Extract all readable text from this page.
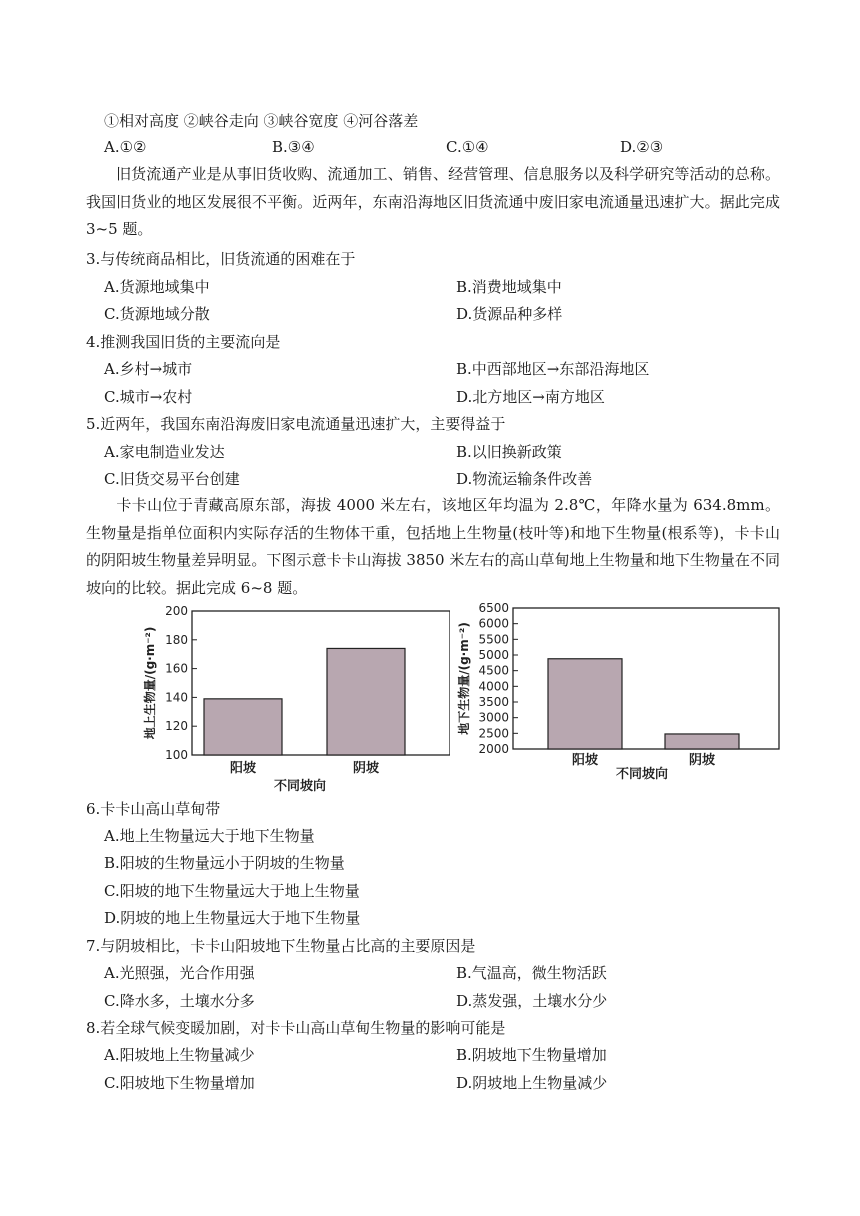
①相对高度 ②峡谷走向 ③峡谷宽度 ④河谷落差
A.①②	B.③④	C.①④	D.②③
旧货流通产业是从事旧货收购、流通加工、销售、经营管理、信息服务以及科学研究等活动的总称。我国旧货业的地区发展很不平衡。近两年，东南沿海地区旧货流通中废旧家电流通量迅速扩大。据此完成 3~5 题。
3.与传统商品相比，旧货流通的困难在于
A.货源地域集中	B.消费地域集中
C.货源地域分散	D.货源品种多样
4.推测我国旧货的主要流向是
A.乡村→城市	B.中西部地区→东部沿海地区
C.城市→农村	D.北方地区→南方地区
5.近两年，我国东南沿海废旧家电流通量迅速扩大，主要得益于
A.家电制造业发达	B.以旧换新政策
C.旧货交易平台创建	D.物流运输条件改善
卡卡山位于青藏高原东部，海拔 4000 米左右，该地区年均温为 2.8℃，年降水量为 634.8mm。生物量是指单位面积内实际存活的生物体干重，包括地上生物量(枝叶等)和地下生物量(根系等)，卡卡山的阴阳坡生物量差异明显。下图示意卡卡山海拔 3850 米左右的高山草甸地上生物量和地下生物量在不同坡向的比较。据此完成 6~8 题。
100
120
140
160
180
200
阳坡	阴坡
地上生物量/(g·m⁻²)
不同坡向
2000
2500
3000
3500
4000
4500
5000
5500
6000
6500
阳坡	阴坡
地下生物量/(g·m⁻²)
不同坡向
6.卡卡山高山草甸带
A.地上生物量远大于地下生物量
B.阳坡的生物量远小于阴坡的生物量
C.阳坡的地下生物量远大于地上生物量
D.阴坡的地上生物量远大于地下生物量
7.与阴坡相比，卡卡山阳坡地下生物量占比高的主要原因是
A.光照强，光合作用强	B.气温高，微生物活跃
C.降水多，土壤水分多	D.蒸发强，土壤水分少
8.若全球气候变暖加剧，对卡卡山高山草甸生物量的影响可能是
A.阳坡地上生物量减少	B.阴坡地下生物量增加
C.阳坡地下生物量增加	D.阴坡地上生物量减少
